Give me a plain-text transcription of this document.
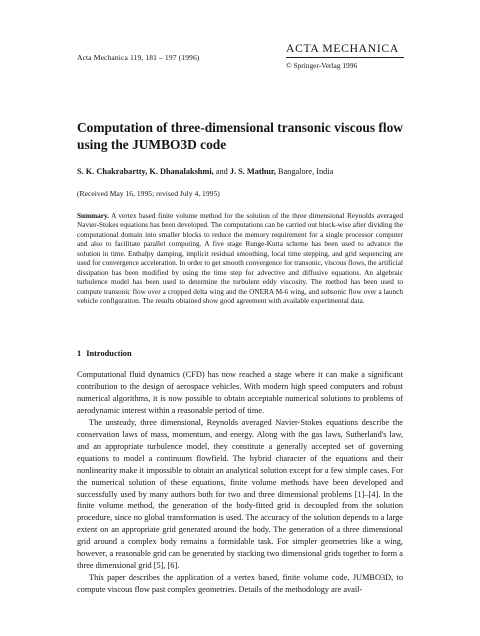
Acta Mechanica 119, 181 – 197 (1996)
ACTA MECHANICA
© Springer-Verlag 1996
Computation of three-dimensional transonic viscous flow using the JUMBO3D code
S. K. Chakrabartty, K. Dhanalakshmi, and J. S. Mathur, Bangalore, India
(Received May 16, 1995; revised July 4, 1995)

Summary. A vertex based finite volume method for the solution of the three dimensional Reynolds averaged Navier-Stokes equations has been developed. The computations can be carried out block-wise after dividing the computational domain into smaller blocks to reduce the memory requirement for a single processor computer and also to facilitate parallel computing. A five stage Runge-Kutta scheme has been used to advance the solution in time. Enthalpy damping, implicit residual smoothing, local time stepping, and grid sequencing are used for convergence acceleration. In order to get smooth convergence for transonic, viscous flows, the artificial dissipation has been modified by using the time step for advective and diffusive equations. An algebraic turbulence model has been used to determine the turbulent eddy viscosity. The method has been used to compute transonic flow over a cropped delta wing and the ONERA M-6 wing, and subsonic flow over a launch vehicle configuration. The results obtained show good agreement with available experimental data.

1 Introduction

Computational fluid dynamics (CFD) has now reached a stage where it can make a significant contribution to the design of aerospace vehicles. With modern high speed computers and robust numerical algorithms, it is now possible to obtain acceptable numerical solutions to problems of aerodynamic interest within a reasonable period of time.

The unsteady, three dimensional, Reynolds averaged Navier-Stokes equations describe the conservation laws of mass, momentum, and energy. Along with the gas laws, Sutherland's law, and an appropriate turbulence model, they constitute a generally accepted set of governing equations to model a continuum flowfield. The hybrid character of the equations and their nonlinearity make it impossible to obtain an analytical solution except for a few simple cases. For the numerical solution of these equations, finite volume methods have been developed and successfully used by many authors both for two and three dimensional problems [1]–[4]. In the finite volume method, the generation of the body-fitted grid is decoupled from the solution procedure, since no global transformation is used. The accuracy of the solution depends to a large extent on an appropriate grid generated around the body. The generation of a three dimensional grid around a complex body remains a formidable task. For simpler geometries like a wing, however, a reasonable grid can be generated by stacking two dimensional grids together to form a three dimensional grid [5], [6].

This paper describes the application of a vertex based, finite volume code, JUMBO3D, to compute viscous flow past complex geometries. Details of the methodology are avail-
